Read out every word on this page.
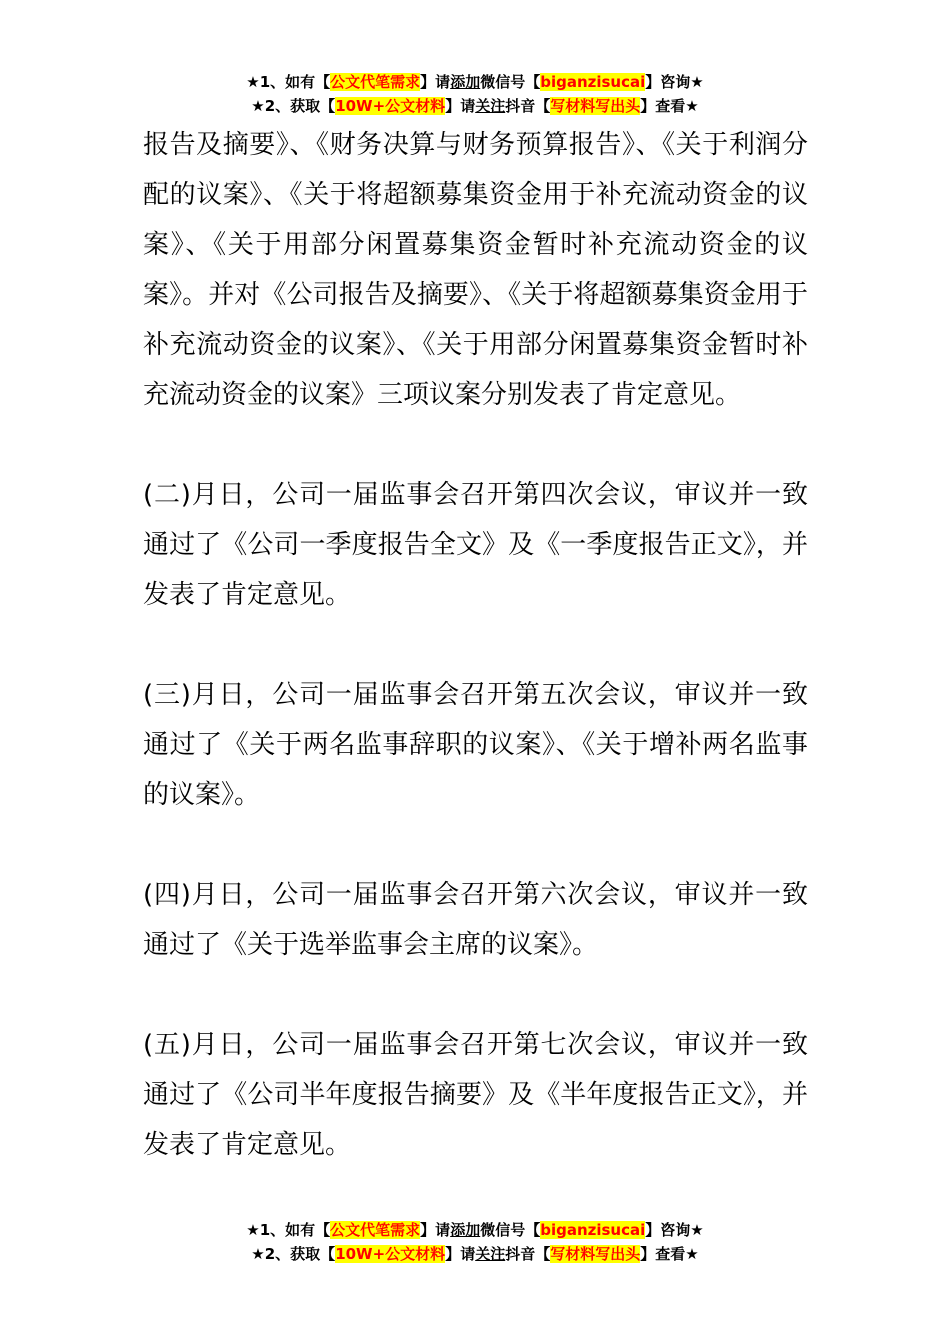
★1、如有【公文代笔需求】请添加微信号【biganzisucai】咨询★
★2、获取【10W+公文材料】请关注抖音【写材料写出头】查看★

报告及摘要》、《财务决算与财务预算报告》、《关于利润分配的议案》、《关于将超额募集资金用于补充流动资金的议案》、《关于用部分闲置募集资金暂时补充流动资金的议案》。并对《公司报告及摘要》、《关于将超额募集资金用于补充流动资金的议案》、《关于用部分闲置募集资金暂时补充流动资金的议案》三项议案分别发表了肯定意见。

(二)月日，公司一届监事会召开第四次会议，审议并一致通过了《公司一季度报告全文》及《一季度报告正文》，并发表了肯定意见。

(三)月日，公司一届监事会召开第五次会议，审议并一致通过了《关于两名监事辞职的议案》、《关于增补两名监事的议案》。

(四)月日，公司一届监事会召开第六次会议，审议并一致通过了《关于选举监事会主席的议案》。

(五)月日，公司一届监事会召开第七次会议，审议并一致通过了《公司半年度报告摘要》及《半年度报告正文》，并发表了肯定意见。

★1、如有【公文代笔需求】请添加微信号【biganzisucai】咨询★
★2、获取【10W+公文材料】请关注抖音【写材料写出头】查看★
